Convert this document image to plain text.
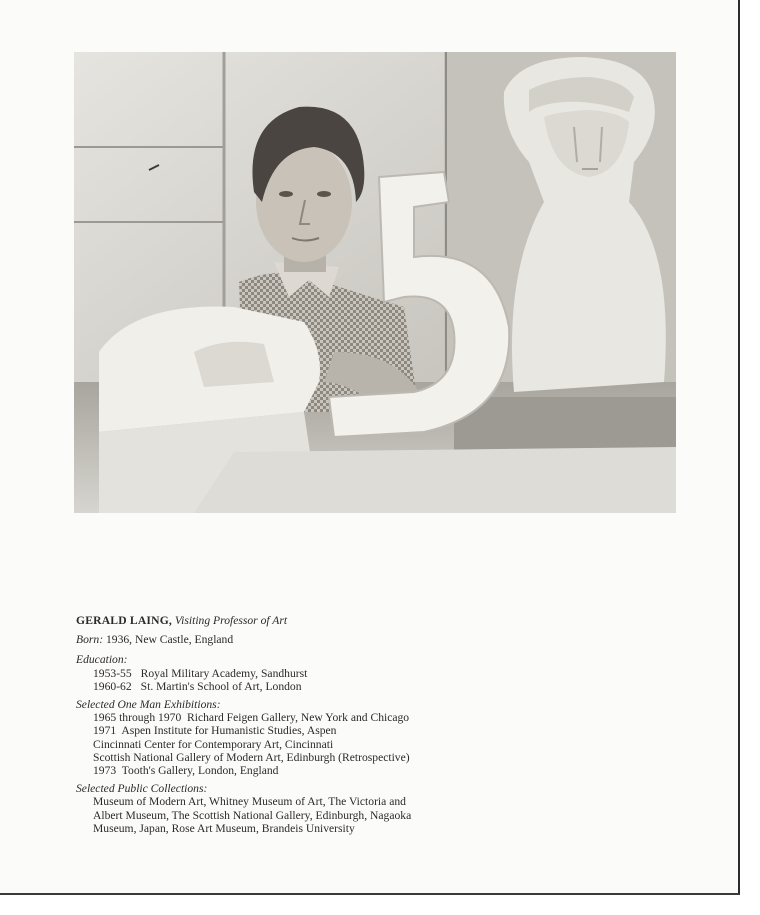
GERALD LAING, Visiting Professor of Art
Born: 1936, New Castle, England
Education:
1953-55 Royal Military Academy, Sandhurst
1960-62 St. Martin's School of Art, London
Selected One Man Exhibitions:
1965 through 1970  Richard Feigen Gallery, New York and Chicago
1971  Aspen Institute for Humanistic Studies, Aspen
Cincinnati Center for Contemporary Art, Cincinnati
Scottish National Gallery of Modern Art, Edinburgh (Retrospective)
1973  Tooth's Gallery, London, England
Selected Public Collections:
Museum of Modern Art, Whitney Museum of Art, The Victoria and
Albert Museum, The Scottish National Gallery, Edinburgh, Nagaoka
Museum, Japan, Rose Art Museum, Brandeis University
